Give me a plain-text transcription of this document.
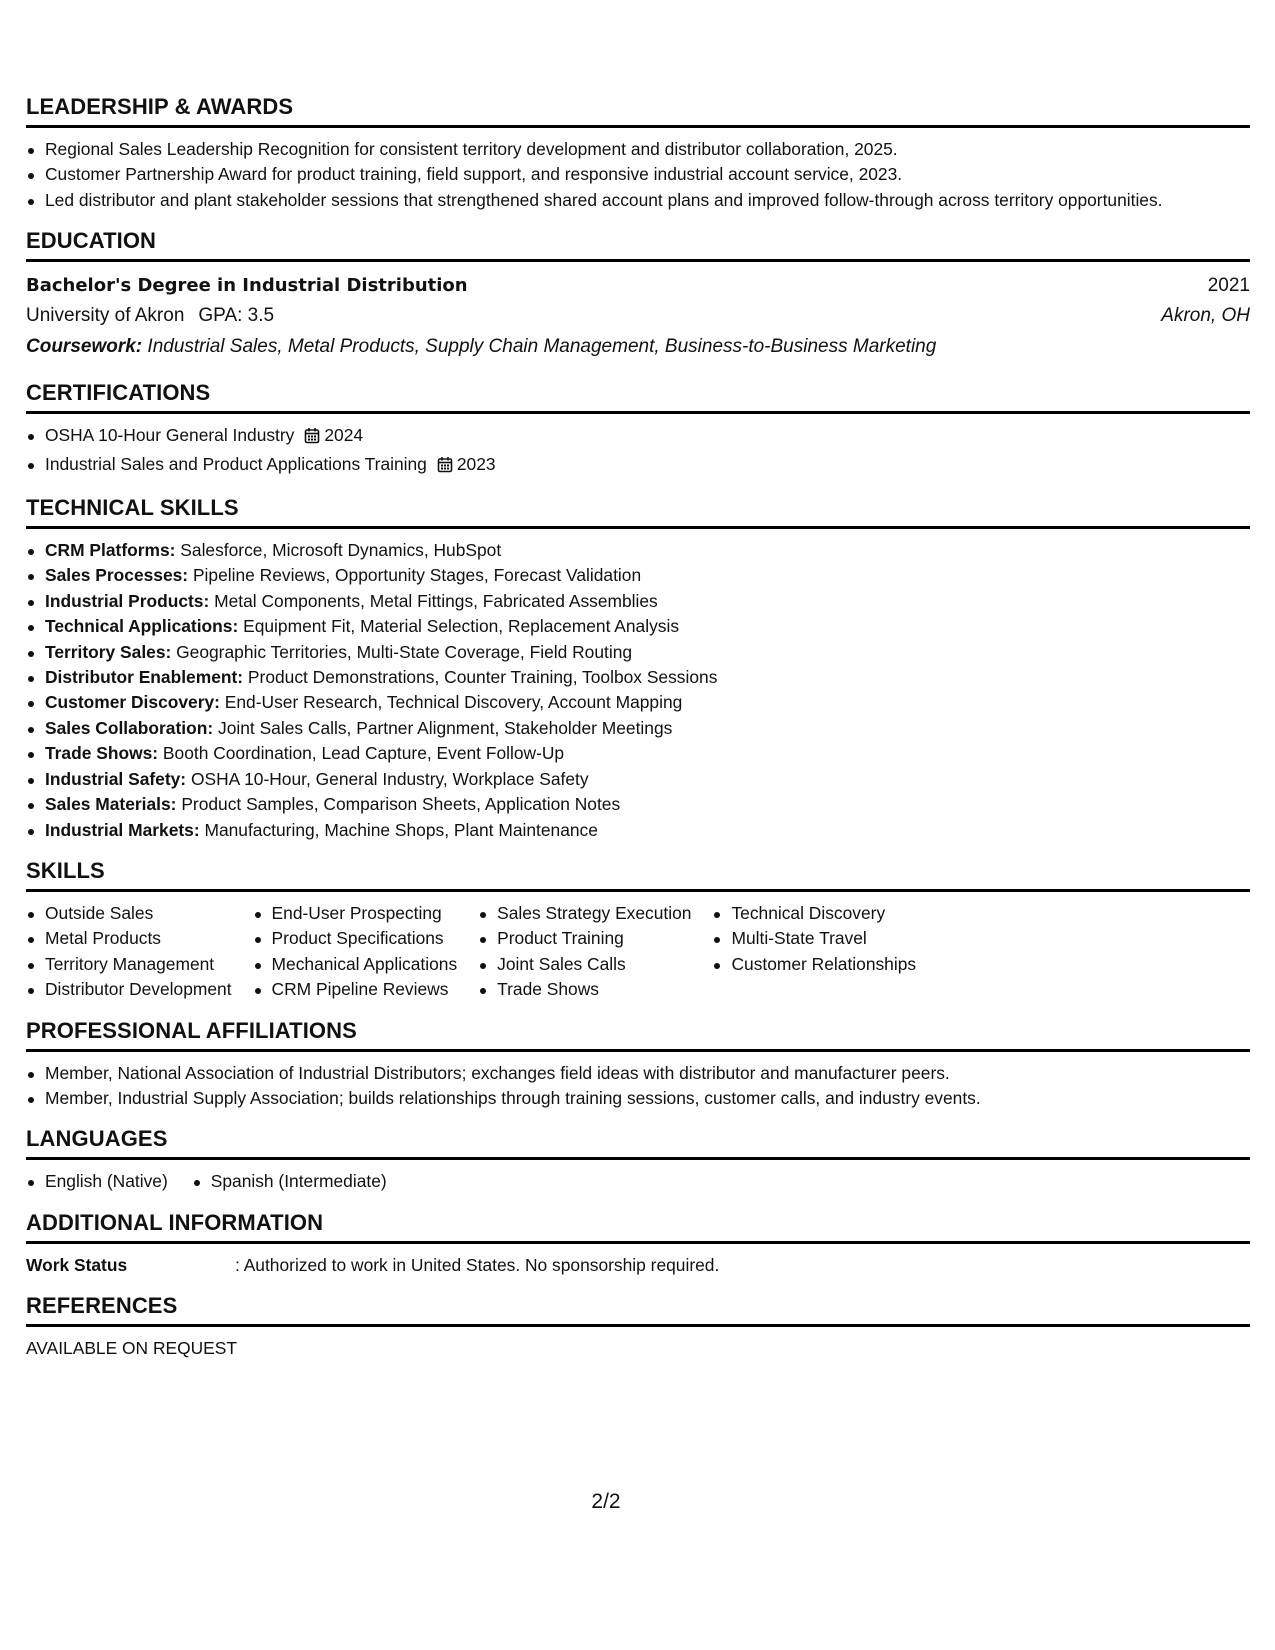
LEADERSHIP & AWARDS
Regional Sales Leadership Recognition for consistent territory development and distributor collaboration, 2025.
Customer Partnership Award for product training, field support, and responsive industrial account service, 2023.
Led distributor and plant stakeholder sessions that strengthened shared account plans and improved follow-through across territory opportunities.
EDUCATION
Bachelor's Degree in Industrial Distribution	2021
University of Akron GPA: 3.5	Akron, OH
Coursework: Industrial Sales, Metal Products, Supply Chain Management, Business-to-Business Marketing
CERTIFICATIONS
OSHA 10-Hour General Industry 2024
Industrial Sales and Product Applications Training 2023
TECHNICAL SKILLS
CRM Platforms: Salesforce, Microsoft Dynamics, HubSpot
Sales Processes: Pipeline Reviews, Opportunity Stages, Forecast Validation
Industrial Products: Metal Components, Metal Fittings, Fabricated Assemblies
Technical Applications: Equipment Fit, Material Selection, Replacement Analysis
Territory Sales: Geographic Territories, Multi-State Coverage, Field Routing
Distributor Enablement: Product Demonstrations, Counter Training, Toolbox Sessions
Customer Discovery: End-User Research, Technical Discovery, Account Mapping
Sales Collaboration: Joint Sales Calls, Partner Alignment, Stakeholder Meetings
Trade Shows: Booth Coordination, Lead Capture, Event Follow-Up
Industrial Safety: OSHA 10-Hour, General Industry, Workplace Safety
Sales Materials: Product Samples, Comparison Sheets, Application Notes
Industrial Markets: Manufacturing, Machine Shops, Plant Maintenance
SKILLS
Outside Sales
Metal Products
Territory Management
Distributor Development
End-User Prospecting
Product Specifications
Mechanical Applications
CRM Pipeline Reviews
Sales Strategy Execution
Product Training
Joint Sales Calls
Trade Shows
Technical Discovery
Multi-State Travel
Customer Relationships
PROFESSIONAL AFFILIATIONS
Member, National Association of Industrial Distributors; exchanges field ideas with distributor and manufacturer peers.
Member, Industrial Supply Association; builds relationships through training sessions, customer calls, and industry events.
LANGUAGES
English (Native)	Spanish (Intermediate)
ADDITIONAL INFORMATION
Work Status	: Authorized to work in United States. No sponsorship required.
REFERENCES
AVAILABLE ON REQUEST
2/2
